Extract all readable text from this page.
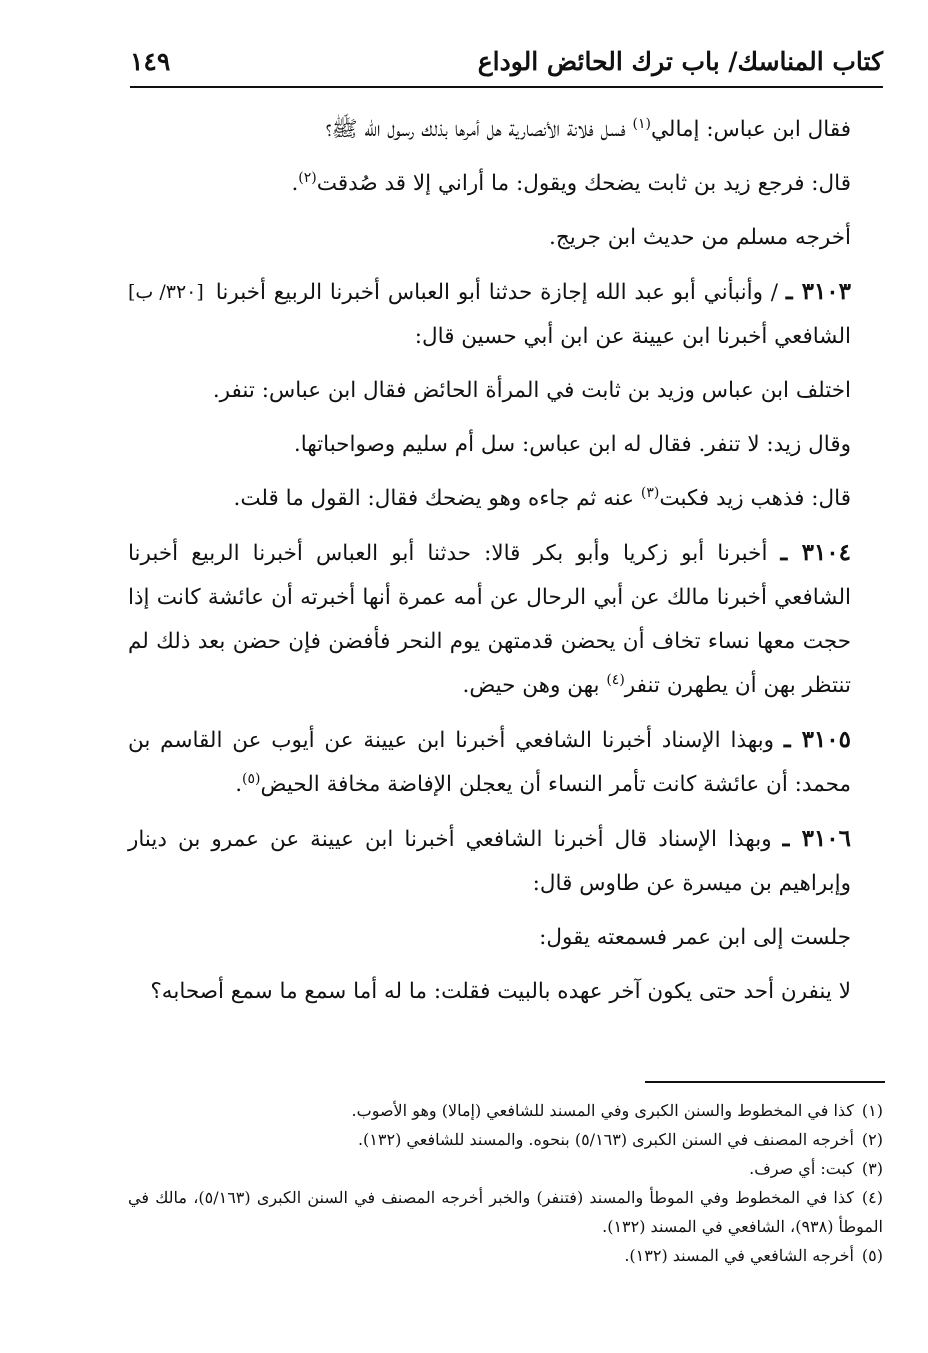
كتاب المناسك/ باب ترك الحائض الوداع
١٤٩

فقال ابن عباس: إمالي$^{(١)}$ فسل فلانة الأنصارية هل أمرها بذلك رسول الله ﷺ؟

قال: فرجع زيد بن ثابت يضحك ويقول: ما أراني إلا قد صُدقت$^{(٢)}$.

أخرجه مسلم من حديث ابن جريج.

[٣٢٠/ ب]	٣١٠٣ ـ / وأنبأني أبو عبد الله إجازة حدثنا أبو العباس أخبرنا الربيع أخبرنا الشافعي أخبرنا ابن عيينة عن ابن أبي حسين قال:

اختلف ابن عباس وزيد بن ثابت في المرأة الحائض فقال ابن عباس: تنفر.

وقال زيد: لا تنفر. فقال له ابن عباس: سل أم سليم وصواحباتها.

قال: فذهب زيد فكبت$^{(٣)}$ عنه ثم جاءه وهو يضحك فقال: القول ما قلت.

٣١٠٤ ـ أخبرنا أبو زكريا وأبو بكر قالا: حدثنا أبو العباس أخبرنا الربيع أخبرنا الشافعي أخبرنا مالك عن أبي الرحال عن أمه عمرة أنها أخبرته أن عائشة كانت إذا حجت معها نساء تخاف أن يحضن قدمتهن يوم النحر فأفضن فإن حضن بعد ذلك لم تنتظر بهن أن يطهرن تنفر$^{(٤)}$ بهن وهن حيض.

٣١٠٥ ـ وبهذا الإسناد أخبرنا الشافعي أخبرنا ابن عيينة عن أيوب عن القاسم بن محمد: أن عائشة كانت تأمر النساء أن يعجلن الإفاضة مخافة الحيض$^{(٥)}$.

٣١٠٦ ـ وبهذا الإسناد قال أخبرنا الشافعي أخبرنا ابن عيينة عن عمرو بن دينار وإبراهيم بن ميسرة عن طاوس قال:

جلست إلى ابن عمر فسمعته يقول:

لا ينفرن أحد حتى يكون آخر عهده بالبيت فقلت: ما له أما سمع ما سمع أصحابه؟

(١)كذا في المخطوط والسنن الكبرى وفي المسند للشافعي (إمالا) وهو الأصوب.

(٢)أخرجه المصنف في السنن الكبرى (٥/١٦٣) بنحوه. والمسند للشافعي (١٣٢).

(٣)كبت: أي صرف.

(٤)كذا في المخطوط وفي الموطأ والمسند (فتنفر) والخبر أخرجه المصنف في السنن الكبرى (٥/١٦٣)، مالك في الموطأ (٩٣٨)، الشافعي في المسند (١٣٢).

(٥)أخرجه الشافعي في المسند (١٣٢).
